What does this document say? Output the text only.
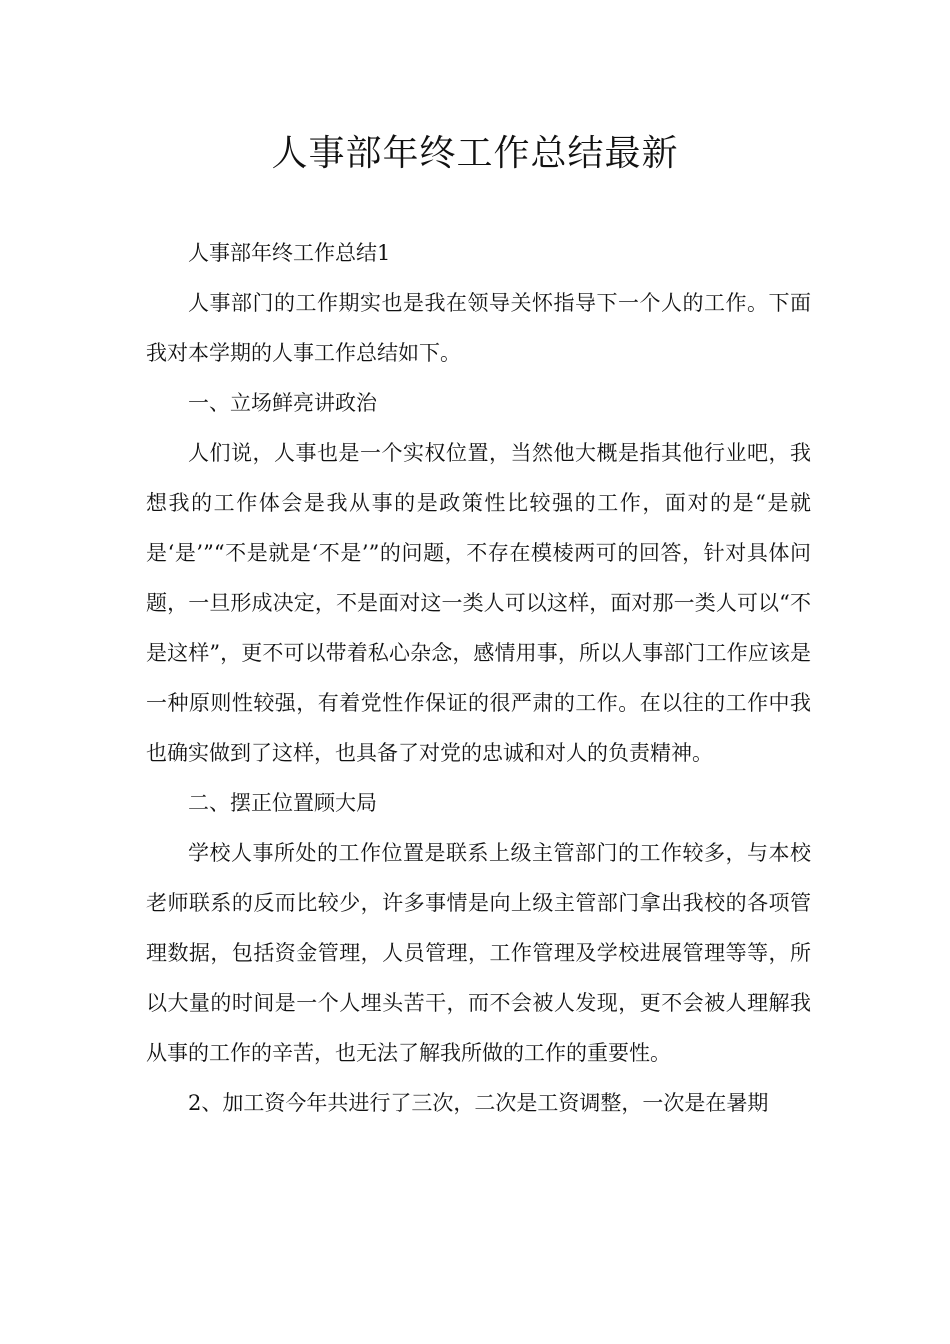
人事部年终工作总结最新

人事部年终工作总结1

人事部门的工作期实也是我在领导关怀指导下一个人的工作。下面我对本学期的人事工作总结如下。

一、立场鲜亮讲政治

人们说，人事也是一个实权位置，当然他大概是指其他行业吧，我想我的工作体会是我从事的是政策性比较强的工作，面对的是“是就是‘是’”“不是就是‘不是’”的问题，不存在模棱两可的回答，针对具体问题，一旦形成决定，不是面对这一类人可以这样，面对那一类人可以“不是这样”，更不可以带着私心杂念，感情用事，所以人事部门工作应该是一种原则性较强，有着党性作保证的很严肃的工作。在以往的工作中我也确实做到了这样，也具备了对党的忠诚和对人的负责精神。

二、摆正位置顾大局

学校人事所处的工作位置是联系上级主管部门的工作较多，与本校老师联系的反而比较少，许多事情是向上级主管部门拿出我校的各项管理数据，包括资金管理，人员管理，工作管理及学校进展管理等等，所以大量的时间是一个人埋头苦干，而不会被人发现，更不会被人理解我从事的工作的辛苦，也无法了解我所做的工作的重要性。

2、加工资今年共进行了三次，二次是工资调整，一次是在暑期
